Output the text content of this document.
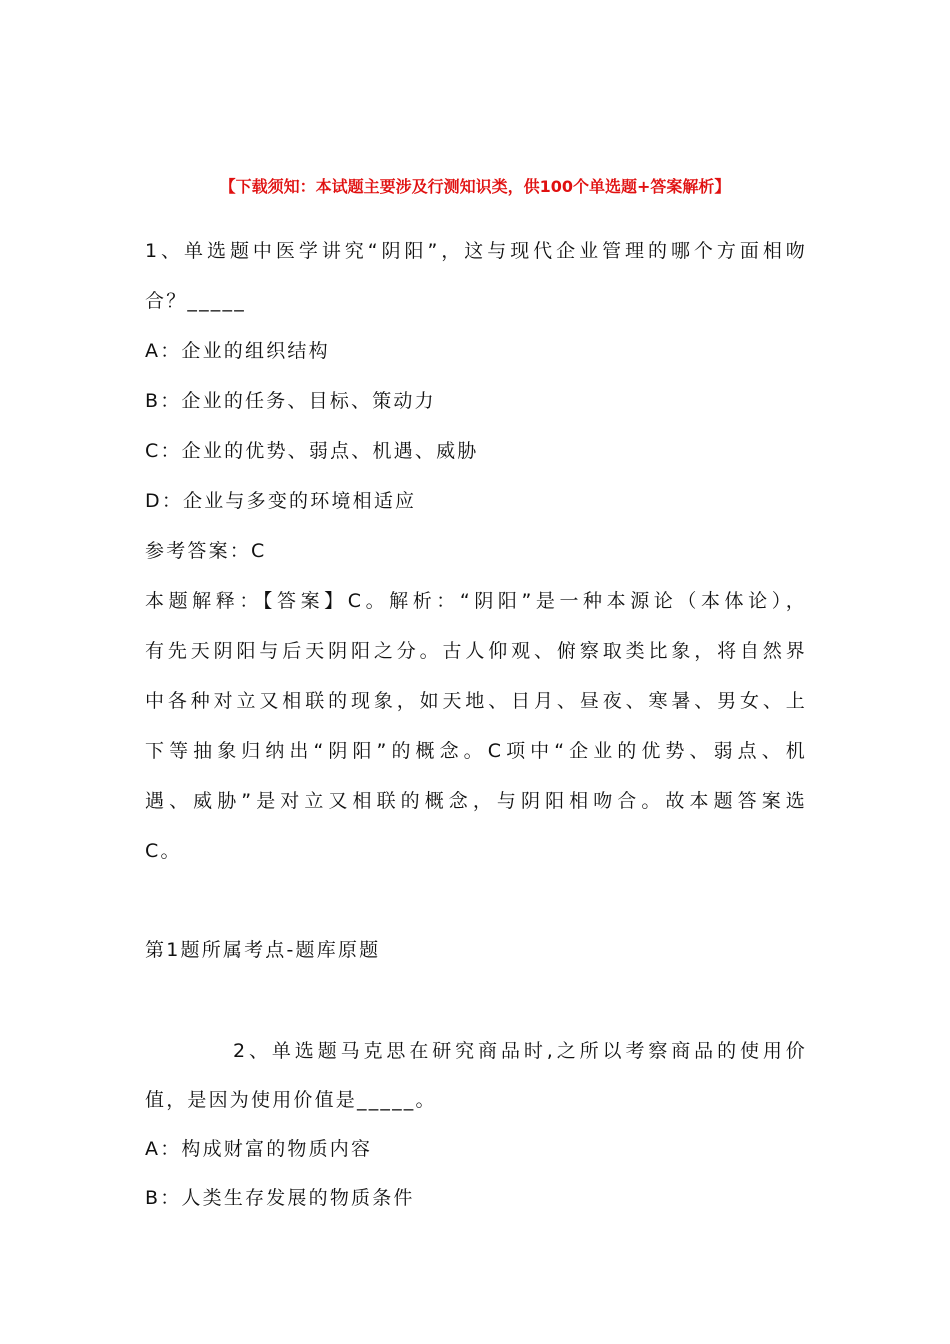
【下载须知：本试题主要涉及行测知识类，供100个单选题+答案解析】
1、单选题中医学讲究“阴阳”，这与现代企业管理的哪个方面相吻
合？_____
A：企业的组织结构
B：企业的任务、目标、策动力
C：企业的优势、弱点、机遇、威胁
D：企业与多变的环境相适应
参考答案：C
本题解释：【答案】C。解析：“阴阳”是一种本源论（本体论），
有先天阴阳与后天阴阳之分。古人仰观、俯察取类比象，将自然界
中各种对立又相联的现象，如天地、日月、昼夜、寒暑、男女、上
下等抽象归纳出“阴阳”的概念。C项中“企业的优势、弱点、机
遇、威胁”是对立又相联的概念，与阴阳相吻合。故本题答案选
C。
第1题所属考点-题库原题
2、单选题马克思在研究商品时,之所以考察商品的使用价
值，是因为使用价值是_____。
A：构成财富的物质内容
B：人类生存发展的物质条件
